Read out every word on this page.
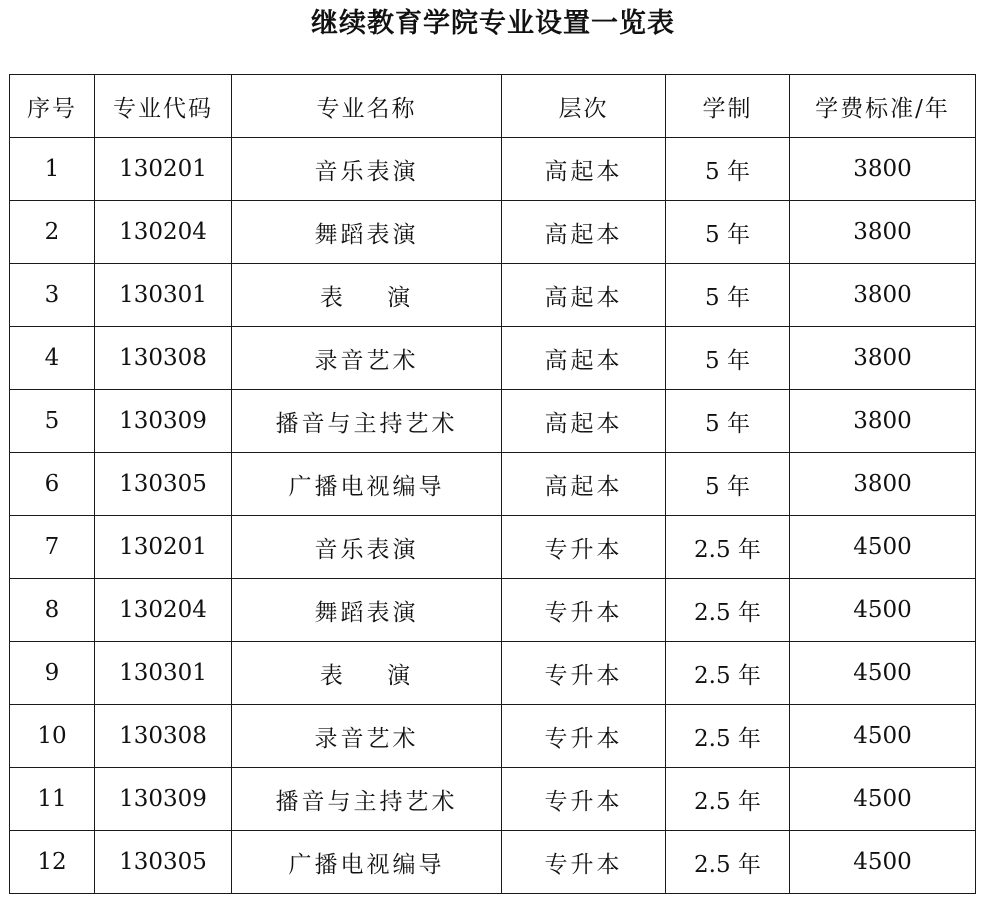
继续教育学院专业设置一览表
序号	专业代码	专业名称	层次	学制	学费标准/年
1	130201	音乐表演	高起本	5 年	3800
2	130204	舞蹈表演	高起本	5 年	3800
3	130301	表    演	高起本	5 年	3800
4	130308	录音艺术	高起本	5 年	3800
5	130309	播音与主持艺术	高起本	5 年	3800
6	130305	广播电视编导	高起本	5 年	3800
7	130201	音乐表演	专升本	2.5 年	4500
8	130204	舞蹈表演	专升本	2.5 年	4500
9	130301	表    演	专升本	2.5 年	4500
10	130308	录音艺术	专升本	2.5 年	4500
11	130309	播音与主持艺术	专升本	2.5 年	4500
12	130305	广播电视编导	专升本	2.5 年	4500
